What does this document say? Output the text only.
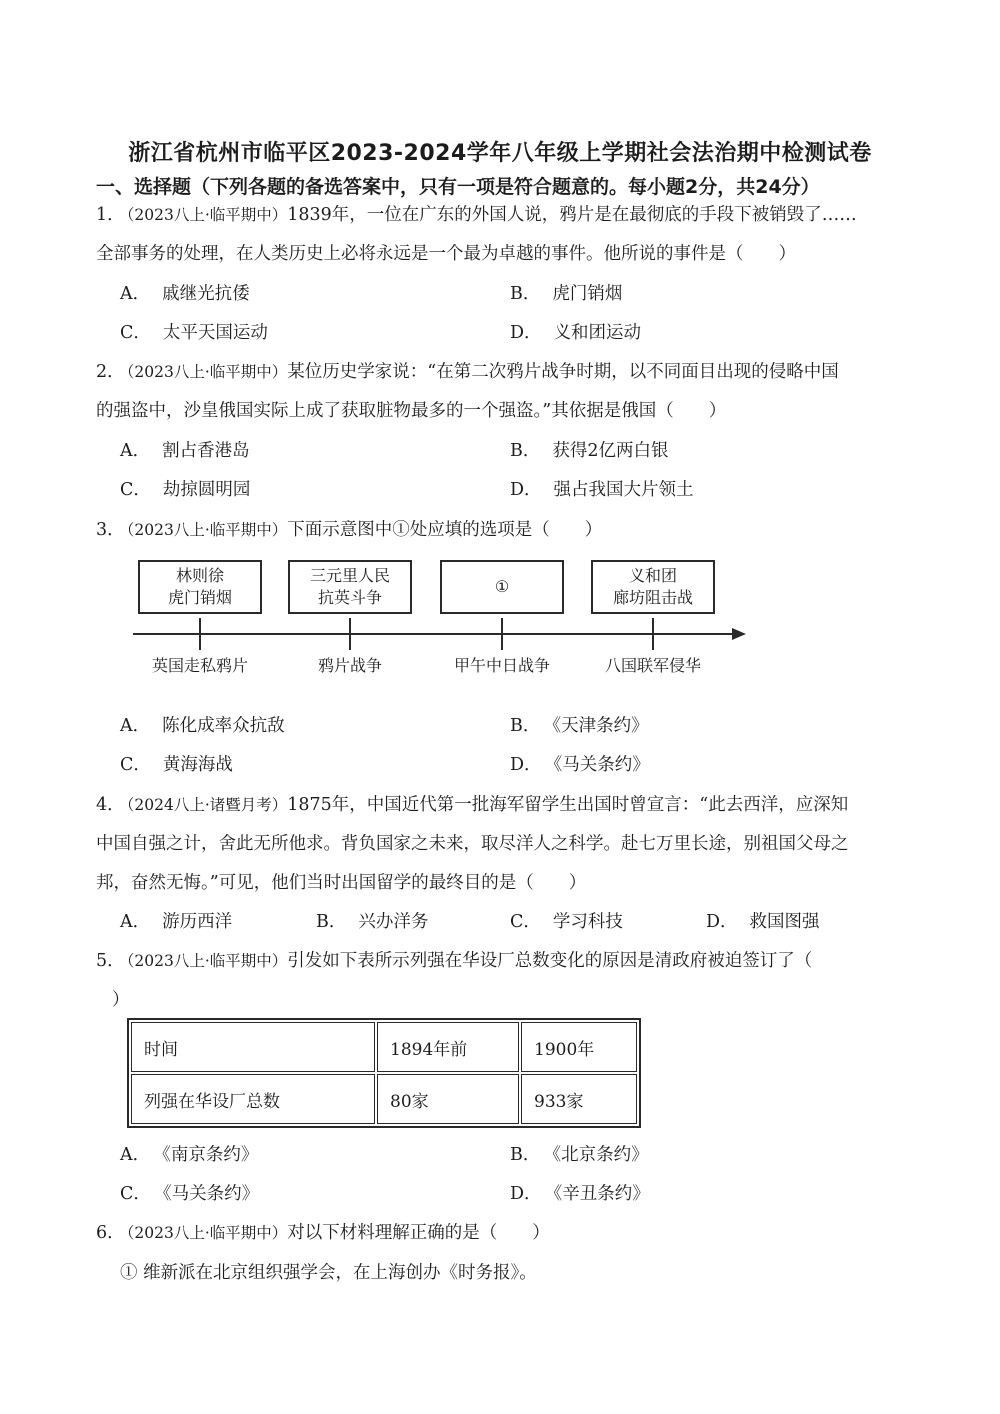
浙江省杭州市临平区2023-2024学年八年级上学期社会法治期中检测试卷
一、选择题（下列各题的备选答案中，只有一项是符合题意的。每小题2分，共24分）
1． （2023八上·临平期中）1839年，一位在广东的外国人说，鸦片是在最彻底的手段下被销毁了……
全部事务的处理，在人类历史上必将永远是一个最为卓越的事件。他所说的事件是（　　）
A． 戚继光抗倭	B． 虎门销烟
C． 太平天国运动	D． 义和团运动
2． （2023八上·临平期中）某位历史学家说：“在第二次鸦片战争时期，以不同面目出现的侵略中国
的强盗中，沙皇俄国实际上成了获取脏物最多的一个强盗。”其依据是俄国（　　）
A． 割占香港岛	B． 获得2亿两白银
C． 劫掠圆明园	D． 强占我国大片领土
3． （2023八上·临平期中）下面示意图中①处应填的选项是（　　）
林则徐
虎门销烟
三元里人民
抗英斗争
①
义和团
廊坊阻击战
英国走私鸦片	鸦片战争	甲午中日战争	八国联军侵华
A． 陈化成率众抗敌	B． 《天津条约》
C． 黄海海战	D． 《马关条约》
4． （2024八上·诸暨月考）1875年，中国近代第一批海军留学生出国时曾宣言：“此去西洋，应深知
中国自强之计，舍此无所他求。背负国家之未来，取尽洋人之科学。赴七万里长途，别祖国父母之
邦，奋然无悔。”可见，他们当时出国留学的最终目的是（　　）
A． 游历西洋	B． 兴办洋务	C． 学习科技	D． 救国图强
5． （2023八上·临平期中）引发如下表所示列强在华设厂总数变化的原因是清政府被迫签订了（
）
时间	1894年前	1900年
列强在华设厂总数	80家	933家
A． 《南京条约》	B． 《北京条约》
C． 《马关条约》	D． 《辛丑条约》
6． （2023八上·临平期中）对以下材料理解正确的是（　　）
① 维新派在北京组织强学会，在上海创办《时务报》。
